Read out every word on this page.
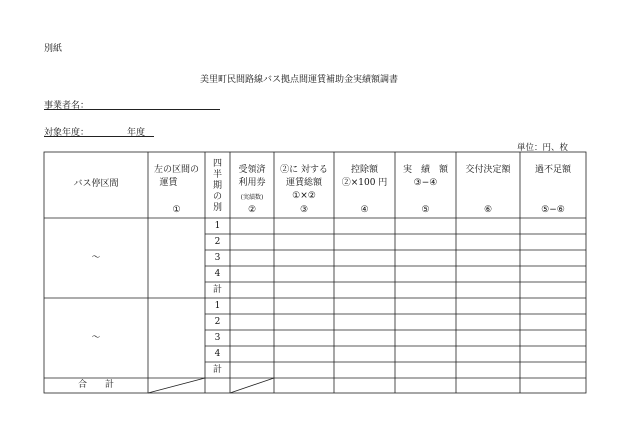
別紙
美里町民間路線バス拠点間運賃補助金実績額調書
事業者名：
対象年度：	年度
単位：円、枚
バス停区間
左の区間の
運賃
①
四
半
期
の
別
受領済
利用券
(実績数)
②
②に 対する
運賃総額
①×②
③
控除額
②×100 円
④
実　績　額
③−④
⑤
交付決定額
⑥
過不足額
⑤−⑥
～
1
2
3
4
計
～
1
2
3
4
計
合　　計
